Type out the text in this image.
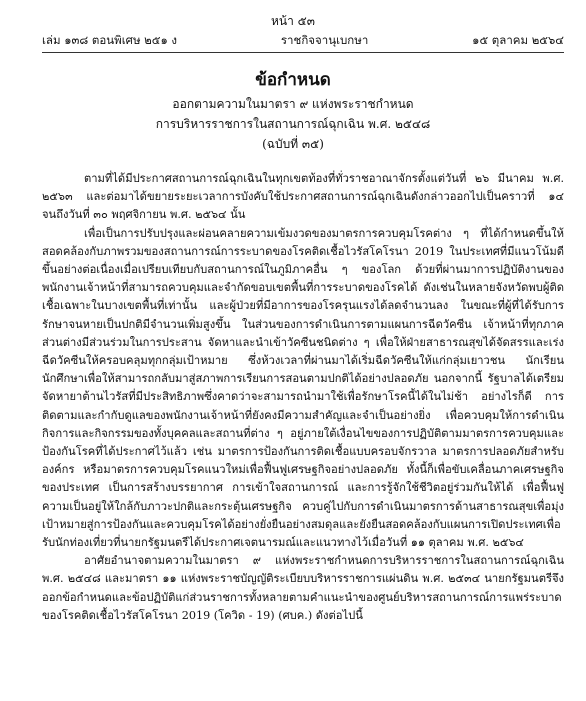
หน้า ๕๓
เล่ม ๑๓๘ ตอนพิเศษ ๒๕๑ ง	ราชกิจจานุเบกษา	๑๕ ตุลาคม ๒๕๖๔
ข้อกำหนด
ออกตามความในมาตรา ๙ แห่งพระราชกำหนด
การบริหารราชการในสถานการณ์ฉุกเฉิน พ.ศ. ๒๕๔๘
(ฉบับที่ ๓๕)

ตามที่ได้มีประกาศสถานการณ์ฉุกเฉินในทุกเขตท้องที่ทั่วราชอาณาจักรตั้งแต่วันที่ ๒๖ มีนาคม พ.ศ. ๒๕๖๓ และต่อมาได้ขยายระยะเวลาการบังคับใช้ประกาศสถานการณ์ฉุกเฉินดังกล่าวออกไปเป็นคราวที่ ๑๔ จนถึงวันที่ ๓๐ พฤศจิกายน พ.ศ. ๒๕๖๔ นั้น

เพื่อเป็นการปรับปรุงและผ่อนคลายความเข้มงวดของมาตรการควบคุมโรคต่าง ๆ ที่ได้กำหนดขึ้นให้สอดคล้องกับภาพรวมของสถานการณ์การระบาดของโรคติดเชื้อไวรัสโคโรนา 2019 ในประเทศที่มีแนวโน้มดีขึ้นอย่างต่อเนื่องเมื่อเปรียบเทียบกับสถานการณ์ในภูมิภาคอื่น ๆ ของโลก ด้วยที่ผ่านมาการปฏิบัติงานของพนักงานเจ้าหน้าที่สามารถควบคุมและจำกัดขอบเขตพื้นที่การระบาดของโรคได้ ดังเช่นในหลายจังหวัดพบผู้ติดเชื้อเฉพาะในบางเขตพื้นที่เท่านั้น และผู้ป่วยที่มีอาการของโรครุนแรงได้ลดจำนวนลง ในขณะที่ผู้ที่ได้รับการรักษาจนหายเป็นปกติมีจำนวนเพิ่มสูงขึ้น ในส่วนของการดำเนินการตามแผนการฉีดวัคซีน เจ้าหน้าที่ทุกภาคส่วนต่างมีส่วนร่วมในการประสาน จัดหาและนำเข้าวัคซีนชนิดต่าง ๆ เพื่อให้ฝ่ายสาธารณสุขได้จัดสรรและเร่งฉีดวัคซีนให้ครอบคลุมทุกกลุ่มเป้าหมาย ซึ่งห้วงเวลาที่ผ่านมาได้เริ่มฉีดวัคซีนให้แก่กลุ่มเยาวชน นักเรียน นักศึกษาเพื่อให้สามารถกลับมาสู่สภาพการเรียนการสอนตามปกติได้อย่างปลอดภัย นอกจากนี้ รัฐบาลได้เตรียมจัดหายาต้านไวรัสที่มีประสิทธิภาพซึ่งคาดว่าจะสามารถนำมาใช้เพื่อรักษาโรคนี้ได้ในไม่ช้า อย่างไรก็ดี การติดตามและกำกับดูแลของพนักงานเจ้าหน้าที่ยังคงมีความสำคัญและจำเป็นอย่างยิ่ง เพื่อควบคุมให้การดำเนินกิจการและกิจกรรมของทั้งบุคคลและสถานที่ต่าง ๆ อยู่ภายใต้เงื่อนไขของการปฏิบัติตามมาตรการควบคุมและป้องกันโรคที่ได้ประกาศไว้แล้ว เช่น มาตรการป้องกันการติดเชื้อแบบครอบจักรวาล มาตรการปลอดภัยสำหรับองค์กร หรือมาตรการควบคุมโรคแนวใหม่เพื่อฟื้นฟูเศรษฐกิจอย่างปลอดภัย ทั้งนี้ก็เพื่อขับเคลื่อนภาคเศรษฐกิจของประเทศ เป็นการสร้างบรรยากาศ การเข้าใจสถานการณ์ และการรู้จักใช้ชีวิตอยู่ร่วมกันให้ได้ เพื่อฟื้นฟูความเป็นอยู่ให้ใกล้กับภาวะปกติและกระตุ้นเศรษฐกิจ ควบคู่ไปกับการดำเนินมาตรการด้านสาธารณสุขเพื่อมุ่งเป้าหมายสู่การป้องกันและควบคุมโรคได้อย่างยั่งยืนอย่างสมดุลและยังยืนสอดคล้องกับแผนการเปิดประเทศเพื่อรับนักท่องเที่ยวที่นายกรัฐมนตรีได้ประกาศเจตนารมณ์และแนวทางไว้เมื่อวันที่ ๑๑ ตุลาคม พ.ศ. ๒๕๖๔

อาศัยอำนาจตามความในมาตรา ๙ แห่งพระราชกำหนดการบริหารราชการในสถานการณ์ฉุกเฉิน พ.ศ. ๒๕๔๘ และมาตรา ๑๑ แห่งพระราชบัญญัติระเบียบบริหารราชการแผ่นดิน พ.ศ. ๒๕๓๔ นายกรัฐมนตรีจึงออกข้อกำหนดและข้อปฏิบัติแก่ส่วนราชการทั้งหลายตามคำแนะนำของศูนย์บริหารสถานการณ์การแพร่ระบาดของโรคติดเชื้อไวรัสโคโรนา 2019 (โควิด - 19) (ศบค.) ดังต่อไปนี้
